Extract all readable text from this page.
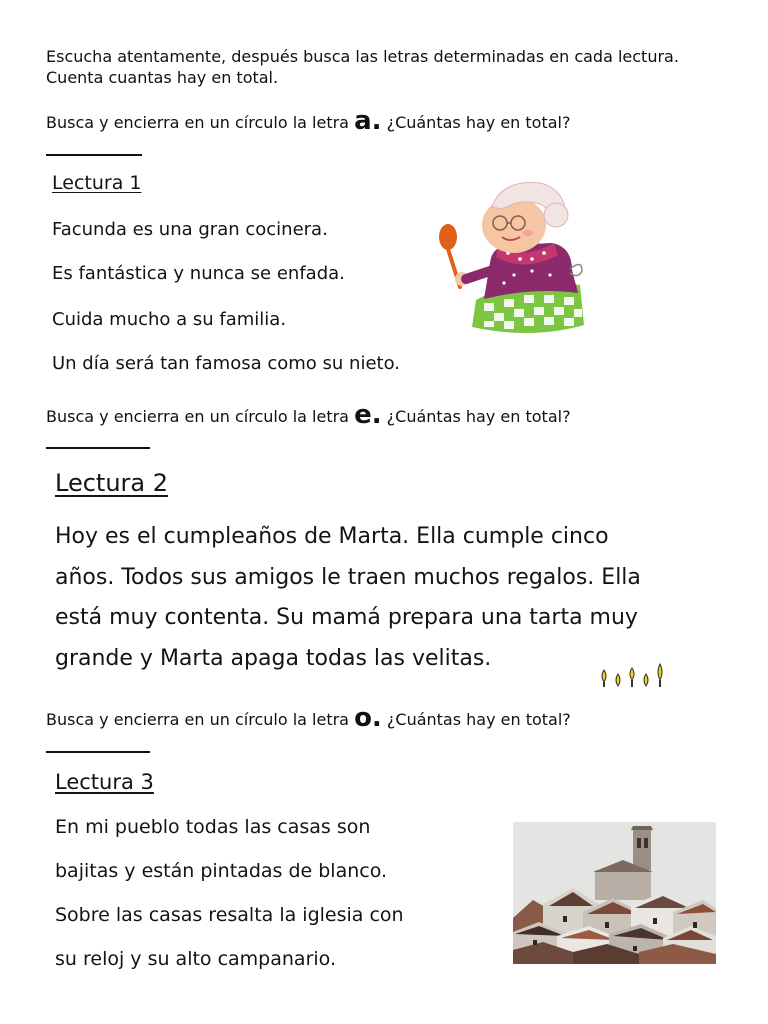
Escucha atentamente, después busca las letras determinadas en cada lectura. Cuenta cuantas hay en total.
Busca y encierra en un círculo la letra a. ¿Cuántas hay en total?
Lectura 1
Facunda es una gran cocinera.
Es fantástica y nunca se enfada.
Cuida mucho a su familia.
Un día será tan famosa como su nieto.
Busca y encierra en un círculo la letra e. ¿Cuántas hay en total?
Lectura 2
Hoy es el cumpleaños de Marta. Ella cumple cinco
años. Todos sus amigos le traen muchos regalos. Ella
está muy contenta. Su mamá prepara una tarta muy
grande y Marta apaga todas las velitas.
Busca y encierra en un círculo la letra o. ¿Cuántas hay en total?
Lectura 3
En mi pueblo todas las casas son
bajitas y están pintadas de blanco.
Sobre las casas resalta la iglesia con
su reloj y su alto campanario.
